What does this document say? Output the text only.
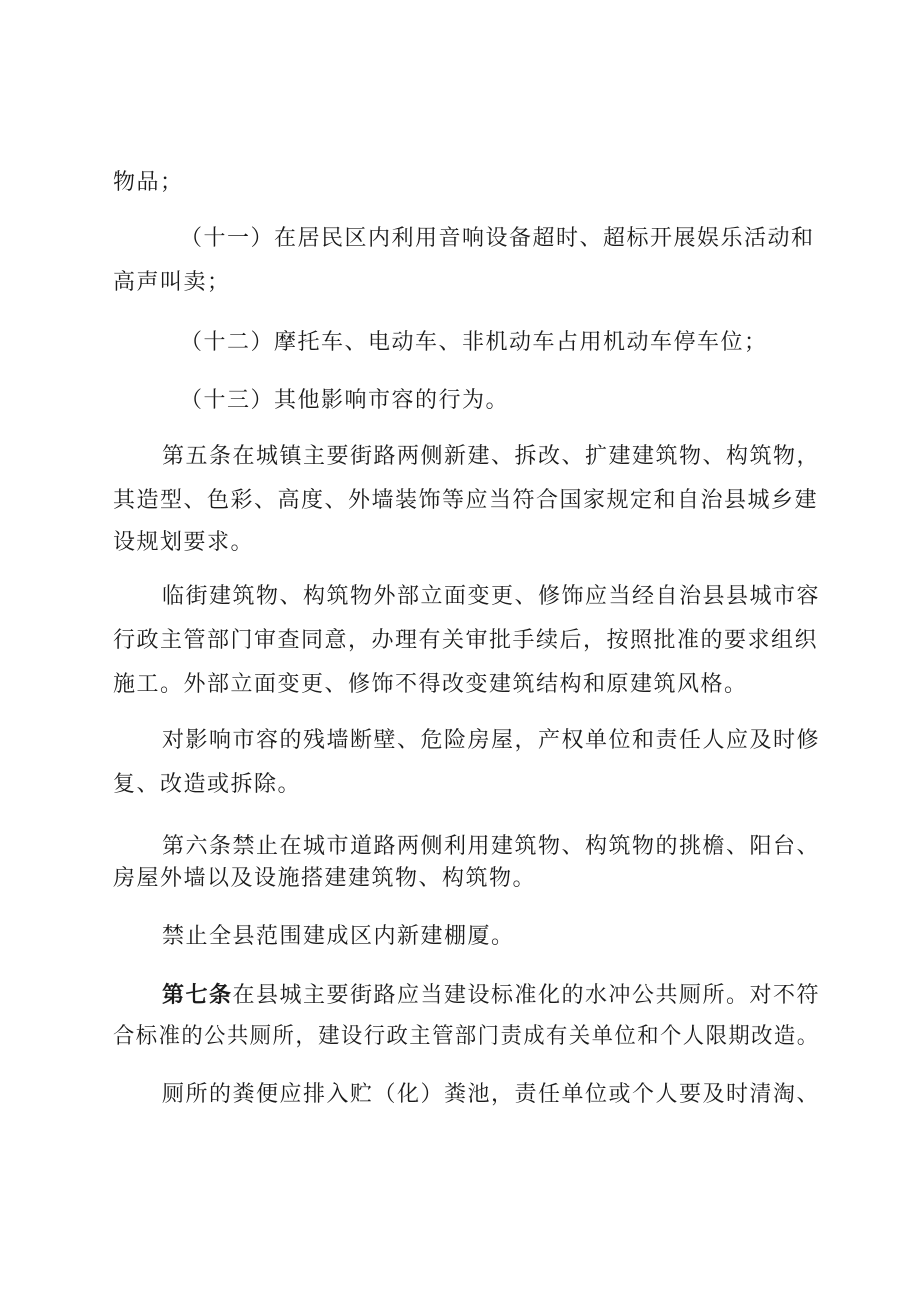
物品；
（十一）在居民区内利用音响设备超时、超标开展娱乐活动和
高声叫卖；
（十二）摩托车、电动车、非机动车占用机动车停车位；
（十三）其他影响市容的行为。
第五条在城镇主要街路两侧新建、拆改、扩建建筑物、构筑物，
其造型、色彩、高度、外墙装饰等应当符合国家规定和自治县城乡建
设规划要求。
临街建筑物、构筑物外部立面变更、修饰应当经自治县县城市容
行政主管部门审查同意，办理有关审批手续后，按照批准的要求组织
施工。外部立面变更、修饰不得改变建筑结构和原建筑风格。
对影响市容的残墙断壁、危险房屋，产权单位和责任人应及时修
复、改造或拆除。
第六条禁止在城市道路两侧利用建筑物、构筑物的挑檐、阳台、
房屋外墙以及设施搭建建筑物、构筑物。
禁止全县范围建成区内新建棚厦。
第七条在县城主要街路应当建设标准化的水冲公共厕所。对不符
合标准的公共厕所，建设行政主管部门责成有关单位和个人限期改造。
厕所的粪便应排入贮（化）粪池，责任单位或个人要及时清淘、
